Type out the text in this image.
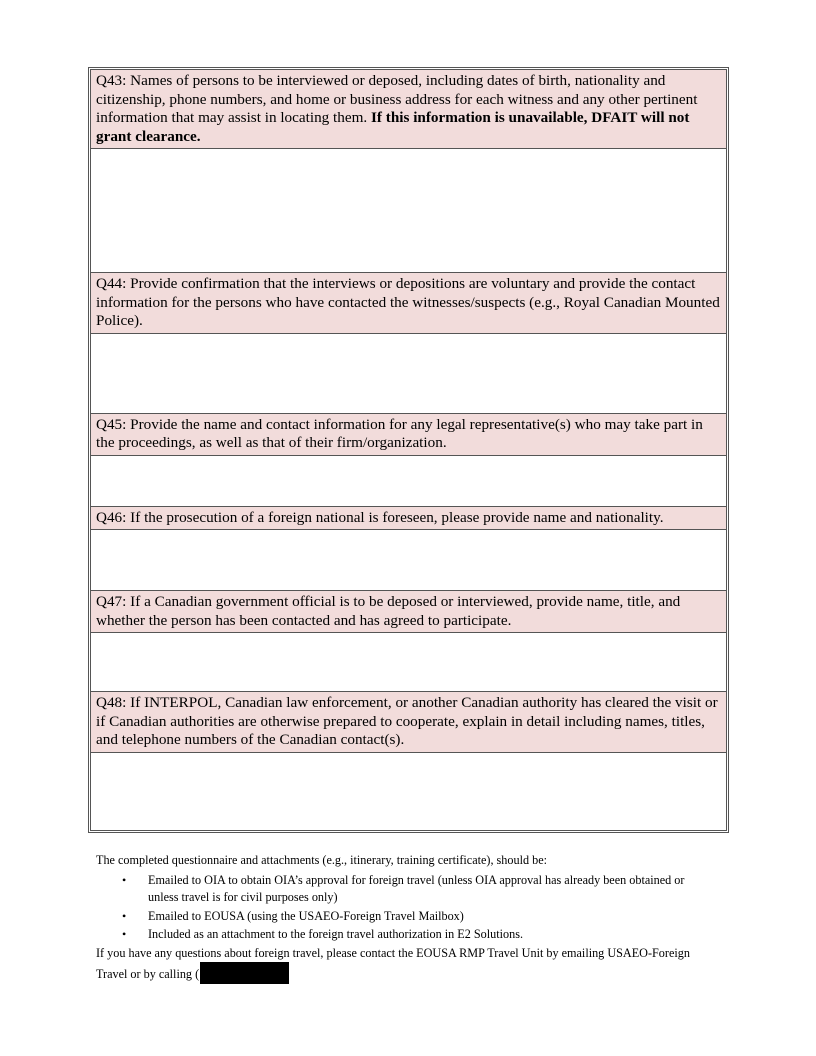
Q43: Names of persons to be interviewed or deposed, including dates of birth, nationality and citizenship, phone numbers, and home or business address for each witness and any other pertinent information that may assist in locating them. If this information is unavailable, DFAIT will not grant clearance.
Q44: Provide confirmation that the interviews or depositions are voluntary and provide the contact information for the persons who have contacted the witnesses/suspects (e.g., Royal Canadian Mounted Police).
Q45: Provide the name and contact information for any legal representative(s) who may take part in the proceedings, as well as that of their firm/organization.
Q46: If the prosecution of a foreign national is foreseen, please provide name and nationality.
Q47: If a Canadian government official is to be deposed or interviewed, provide name, title, and whether the person has been contacted and has agreed to participate.
Q48: If INTERPOL, Canadian law enforcement, or another Canadian authority has cleared the visit or if Canadian authorities are otherwise prepared to cooperate, explain in detail including names, titles, and telephone numbers of the Canadian contact(s).

The completed questionnaire and attachments (e.g., itinerary, training certificate), should be:

• Emailed to OIA to obtain OIA’s approval for foreign travel (unless OIA approval has already been obtained or unless travel is for civil purposes only)
• Emailed to EOUSA (using the USAEO-Foreign Travel Mailbox)
• Included as an attachment to the foreign travel authorization in E2 Solutions.

If you have any questions about foreign travel, please contact the EOUSA RMP Travel Unit by emailing USAEO-Foreign Travel or by calling (
